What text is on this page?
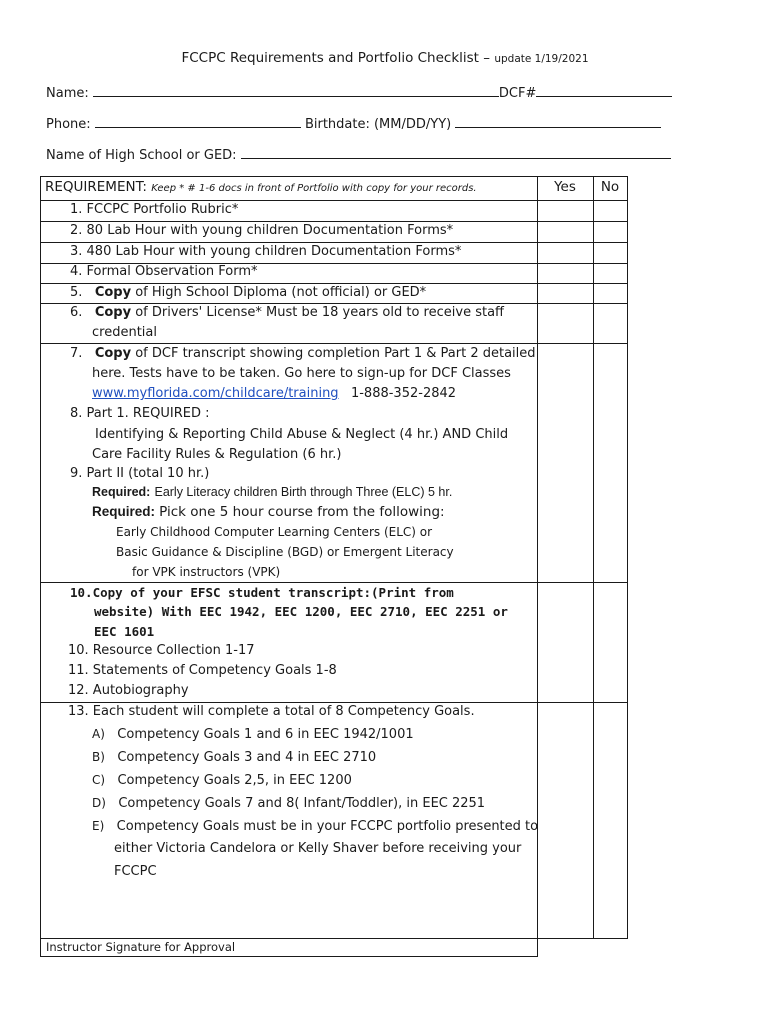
FCCPC Requirements and Portfolio Checklist – update 1/19/2021
Name:	DCF#
Phone:	Birthdate: (MM/DD/YY)
Name of High School or GED:
REQUIREMENT: Keep * # 1-6 docs in front of Portfolio with copy for your records.	Yes	No
1. FCCPC Portfolio Rubric*
2. 80 Lab Hour with young children Documentation Forms*
3. 480 Lab Hour with young children Documentation Forms*
4. Formal Observation Form*
5. Copy of High School Diploma (not official) or GED*
6. Copy of Drivers' License* Must be 18 years old to receive staff
credential
7. Copy of DCF transcript showing completion Part 1 & Part 2 detailed
here. Tests have to be taken. Go here to sign-up for DCF Classes
www.myflorida.com/childcare/training 1-888-352-2842
8. Part 1. REQUIRED :
Identifying & Reporting Child Abuse & Neglect (4 hr.) AND Child
Care Facility Rules & Regulation (6 hr.)
9. Part II (total 10 hr.)
Required: Early Literacy children Birth through Three (ELC) 5 hr.
Required: Pick one 5 hour course from the following:
Early Childhood Computer Learning Centers (ELC) or
Basic Guidance & Discipline (BGD) or Emergent Literacy
for VPK instructors (VPK)
10.Copy of your EFSC student transcript:(Print from
website) With EEC 1942, EEC 1200, EEC 2710, EEC 2251 or
EEC 1601
10. Resource Collection 1-17
11. Statements of Competency Goals 1-8
12. Autobiography
13. Each student will complete a total of 8 Competency Goals.
A) Competency Goals 1 and 6 in EEC 1942/1001
B) Competency Goals 3 and 4 in EEC 2710
C) Competency Goals 2,5, in EEC 1200
D) Competency Goals 7 and 8( Infant/Toddler), in EEC 2251
E) Competency Goals must be in your FCCPC portfolio presented to
either Victoria Candelora or Kelly Shaver before receiving your
FCCPC
Instructor Signature for Approval
